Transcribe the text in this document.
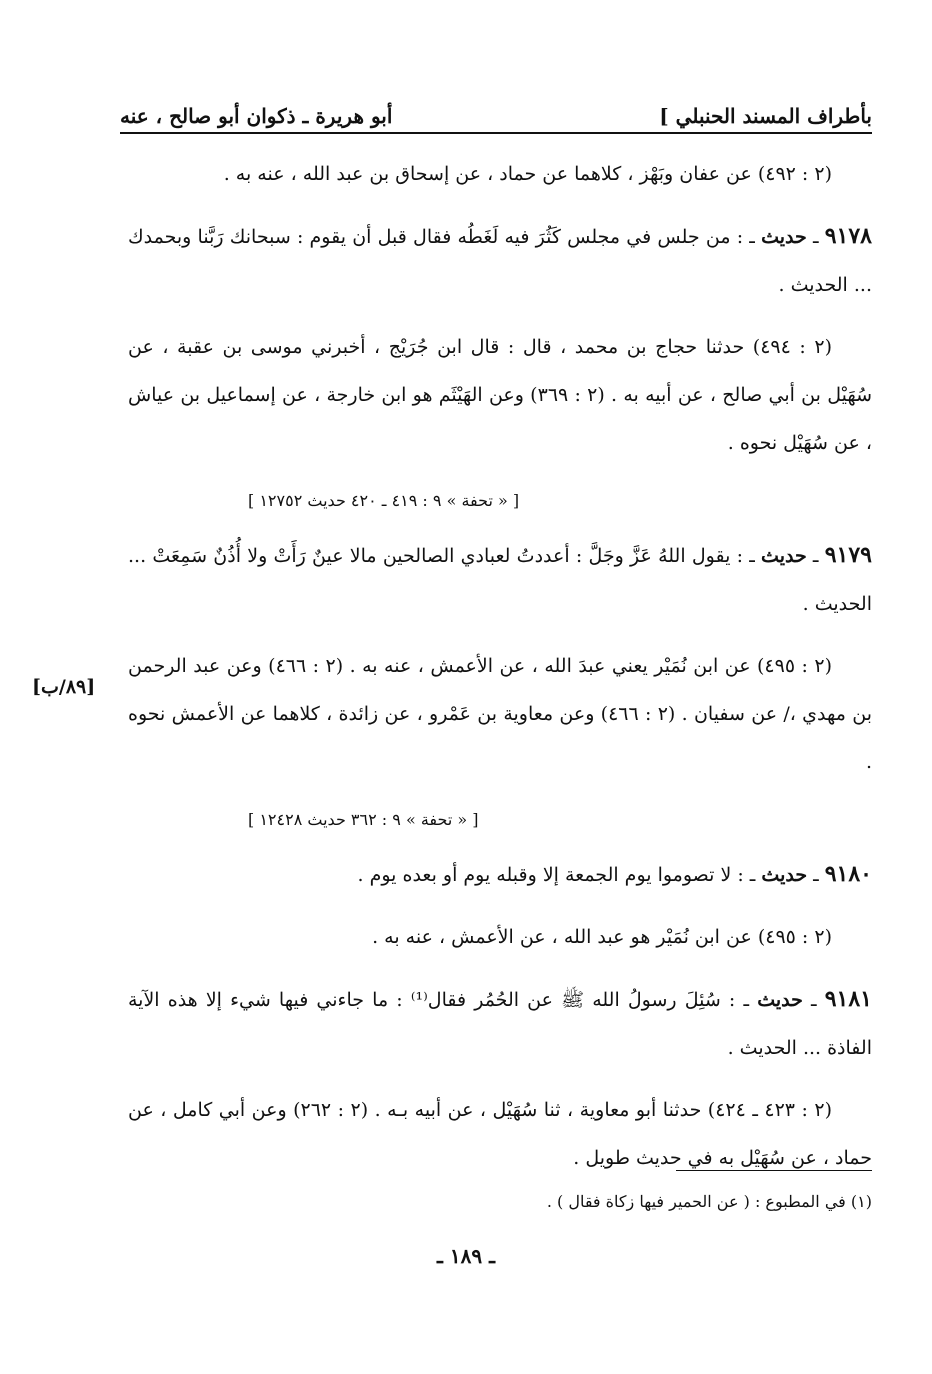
بأطراف المسند الحنبلي ]
أبو هريرة ـ ذكوان أبو صالح ، عنه

(٢ : ٤٩٢) عن عفان وبَهْز ، كلاهما عن حماد ، عن إسحاق بن عبد الله ، عنه به .

٩١٧٨ ـ حديث ـ : من جلس في مجلس كَثُرَ فيه لَغَطُه فقال قبل أن يقوم : سبحانك رَبَّنا وبحمدك ... الحديث .

(٢ : ٤٩٤) حدثنا حجاج بن محمد ، قال : قال ابن جُرَيْج ، أخبرني موسى بن عقبة ، عن سُهَيْل بن أبي صالح ، عن أبيه به . (٢ : ٣٦٩) وعن الهَيْثَم هو ابن خارجة ، عن إسماعيل بن عياش ، عن سُهَيْل نحوه .

[ « تحفة » ٩ : ٤١٩ ـ ٤٢٠ حديث ١٢٧٥٢ ]

٩١٧٩ ـ حديث ـ : يقول اللهُ عَزَّ وجَلَّ : أعددتُ لعبادي الصالحين مالا عينٌ رَأَتْ ولا أُذُنٌ سَمِعَتْ ... الحديث .

(٢ : ٤٩٥) عن ابن نُمَيْر يعني عبدَ الله ، عن الأعمش ، عنه به . (٢ : ٤٦٦) وعن عبد الرحمن بن مهدي ،/ عن سفيان . (٢ : ٤٦٦) وعن معاوية بن عَمْرو ، عن زائدة ، كلاهما عن الأعمش نحوه .

[ « تحفة » ٩ : ٣٦٢ حديث ١٢٤٢٨ ]

٩١٨٠ ـ حديث ـ : لا تصوموا يوم الجمعة إلا وقبله يوم أو بعده يوم .

(٢ : ٤٩٥) عن ابن نُمَيْر هو عبد الله ، عن الأعمش ، عنه به .

٩١٨١ ـ حديث ـ : سُئِلَ رسولُ الله ﷺ عن الحُمُر فقال⁽¹⁾ : ما جاءني فيها شيء إلا هذه الآية الفاذة ... الحديث .

(٢ : ٤٢٣ ـ ٤٢٤) حدثنا أبو معاوية ، ثنا سُهَيْل ، عن أبيه بـه . (٢ : ٢٦٢) وعن أبي كامل ، عن حماد ، عن سُهَيْل به في حديث طويل .

[٨٩/ب]
(١) في المطبوع : ( عن الحمير فيها زكاة فقال ) .
ـ ١٨٩ ـ
